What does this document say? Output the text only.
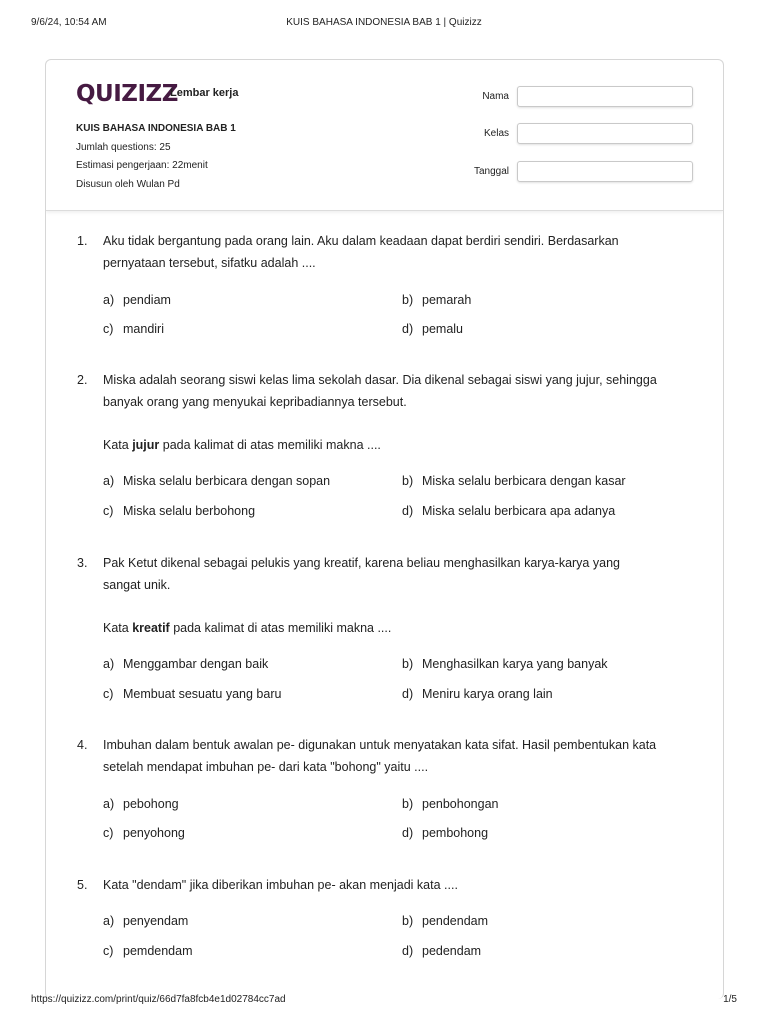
9/6/24, 10:54 AM	KUIS BAHASA INDONESIA BAB 1 | Quizizz
QUIZIZZ
Lembar kerja
KUIS BAHASA INDONESIA BAB 1
Jumlah questions: 25
Estimasi pengerjaan: 22menit
Disusun oleh Wulan Pd
Nama
Kelas
Tanggal
1. Aku tidak bergantung pada orang lain. Aku dalam keadaan dapat berdiri sendiri. Berdasarkan
pernyataan tersebut, sifatku adalah ....
a) pendiam	b) pemarah
c) mandiri	d) pemalu
2. Miska adalah seorang siswi kelas lima sekolah dasar. Dia dikenal sebagai siswi yang jujur, sehingga
banyak orang yang menyukai kepribadiannya tersebut.
Kata jujur pada kalimat di atas memiliki makna ....
a) Miska selalu berbicara dengan sopan	b) Miska selalu berbicara dengan kasar
c) Miska selalu berbohong	d) Miska selalu berbicara apa adanya
3. Pak Ketut dikenal sebagai pelukis yang kreatif, karena beliau menghasilkan karya-karya yang
sangat unik.
Kata kreatif pada kalimat di atas memiliki makna ....
a) Menggambar dengan baik	b) Menghasilkan karya yang banyak
c) Membuat sesuatu yang baru	d) Meniru karya orang lain
4. Imbuhan dalam bentuk awalan pe- digunakan untuk menyatakan kata sifat. Hasil pembentukan kata
setelah mendapat imbuhan pe- dari kata "bohong" yaitu ....
a) pebohong	b) penbohongan
c) penyohong	d) pembohong
5. Kata "dendam" jika diberikan imbuhan pe- akan menjadi kata ....
a) penyendam	b) pendendam
c) pemdendam	d) pedendam
https://quizizz.com/print/quiz/66d7fa8fcb4e1d02784cc7ad	1/5
